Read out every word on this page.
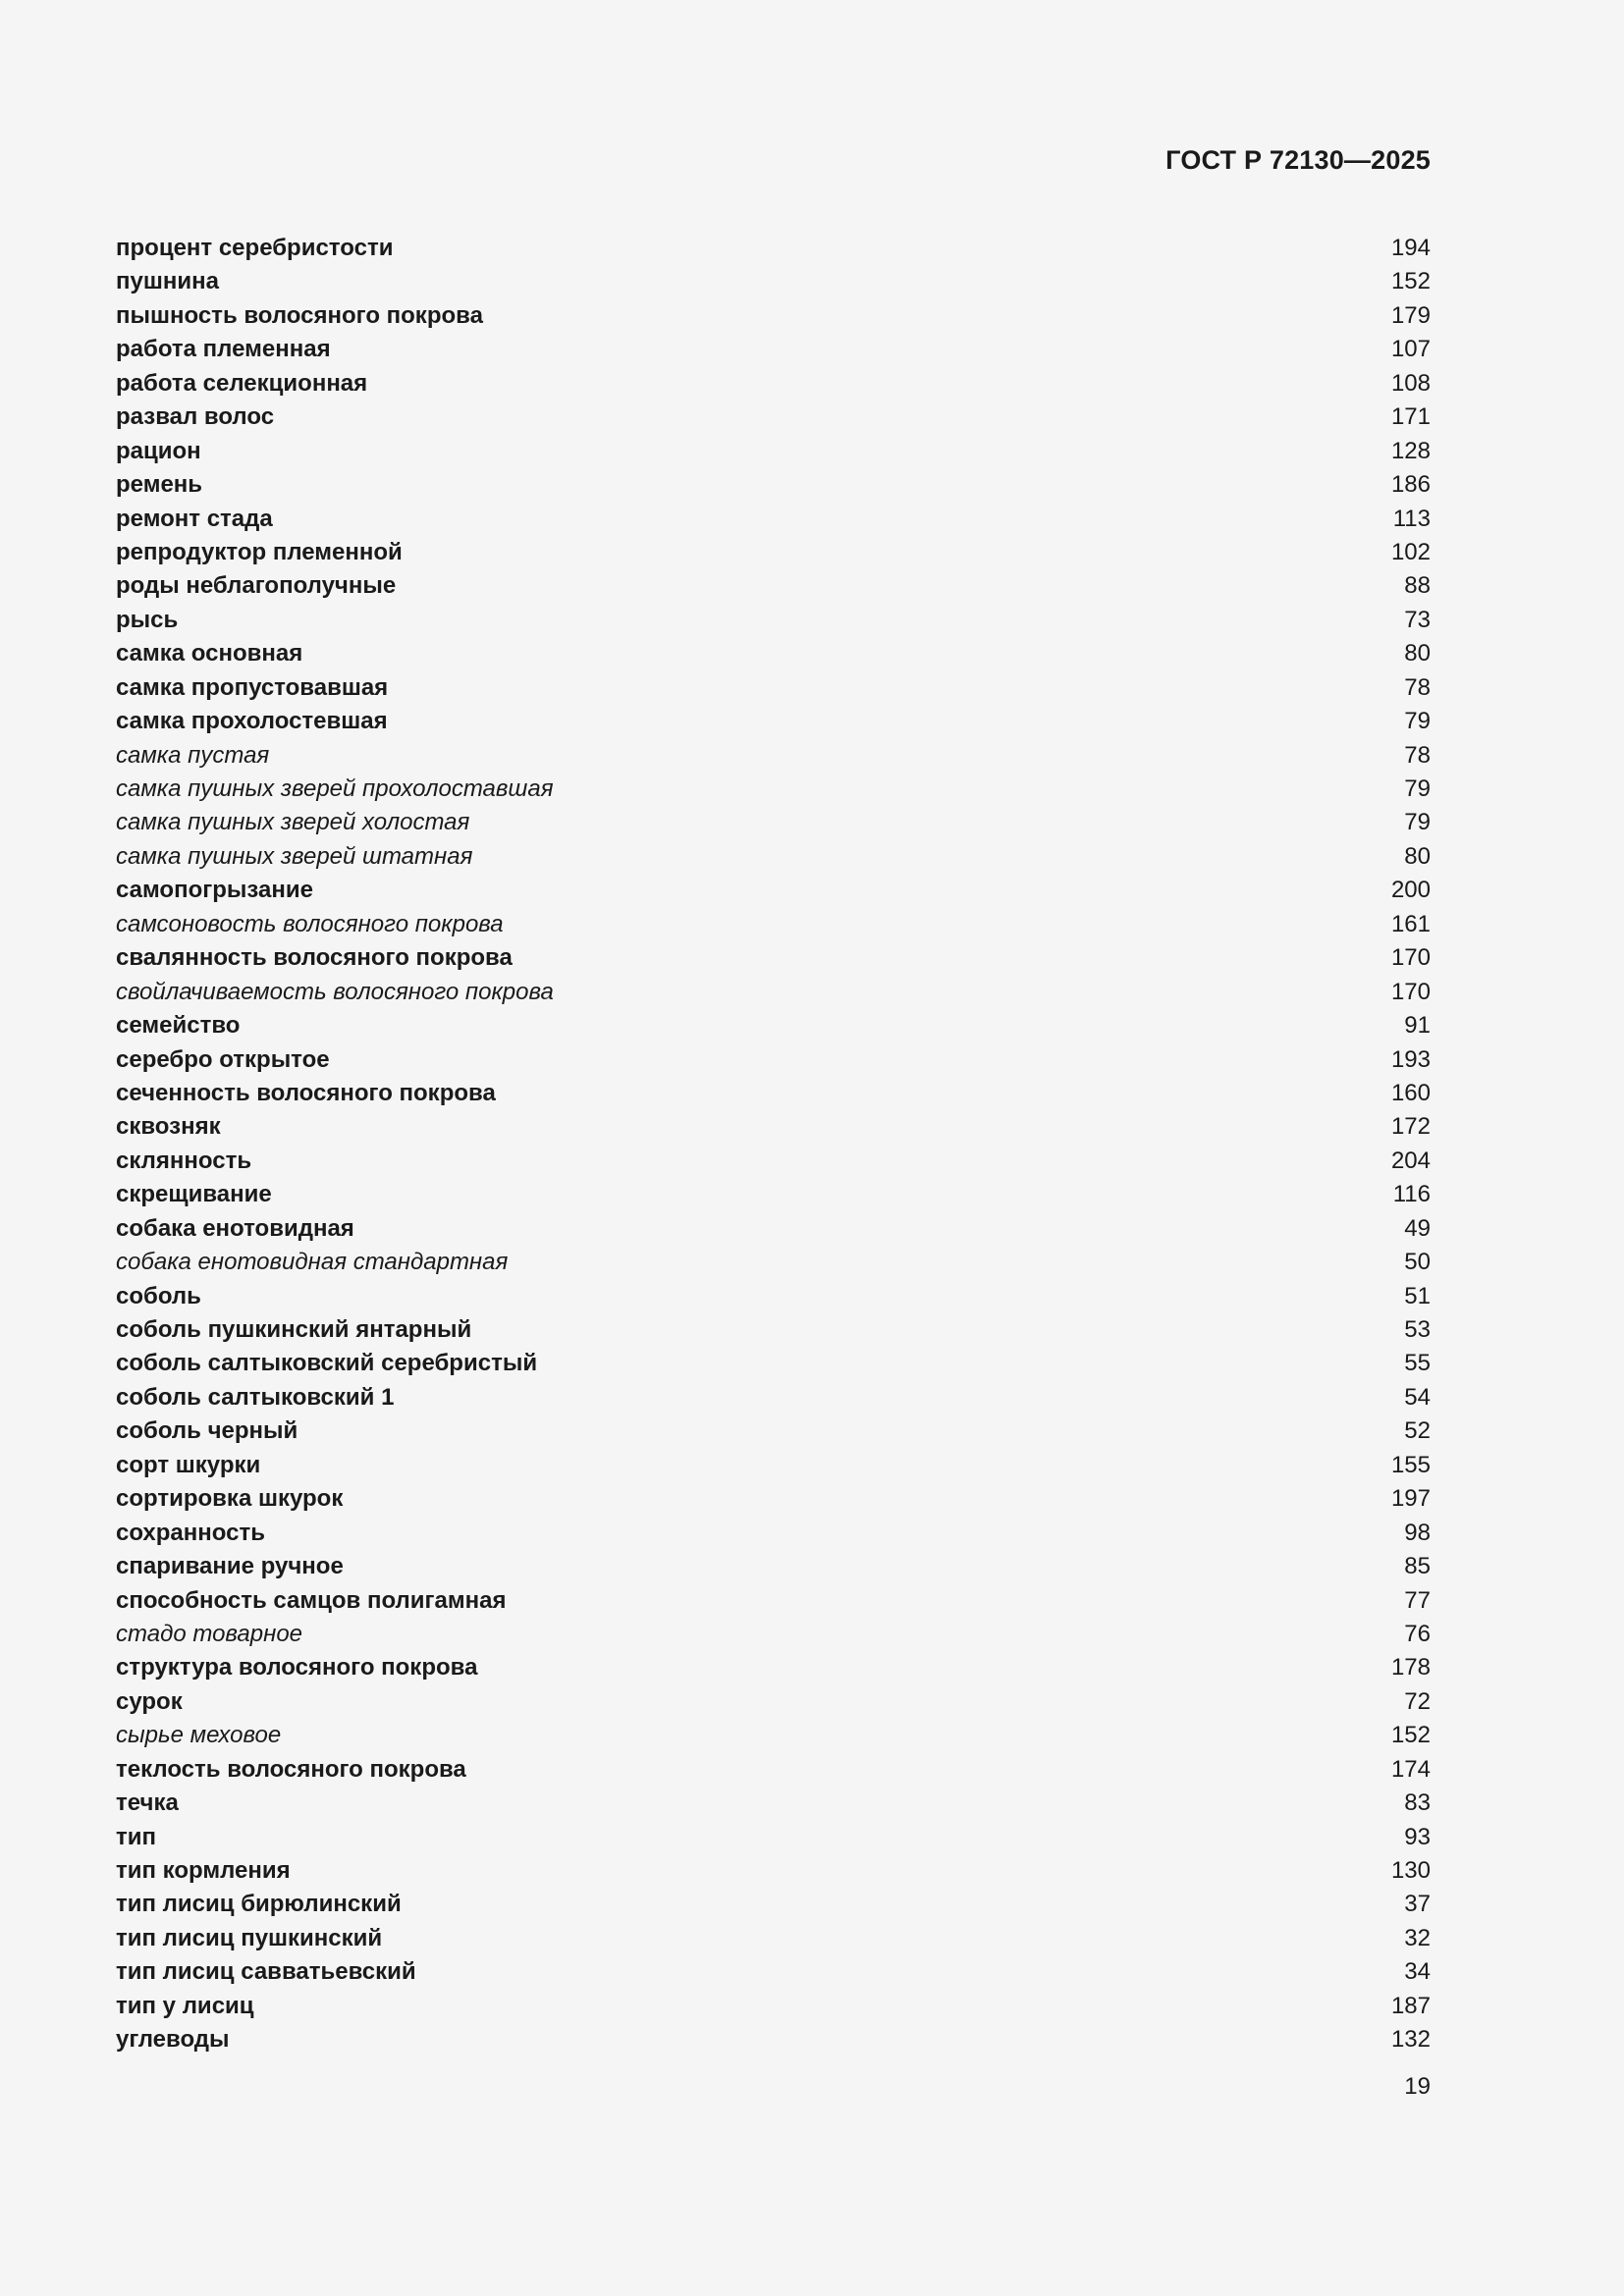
ГОСТ Р 72130—2025
процент серебристости	194
пушнина	152
пышность волосяного покрова	179
работа племенная	107
работа селекционная	108
развал волос	171
рацион	128
ремень	186
ремонт стада	113
репродуктор племенной	102
роды неблагополучные	88
рысь	73
самка основная	80
самка пропустовавшая	78
самка прохолостевшая	79
самка пустая	78
самка пушных зверей прохолоставшая	79
самка пушных зверей холостая	79
самка пушных зверей штатная	80
самопогрызание	200
самсоновость волосяного покрова	161
свалянность волосяного покрова	170
свойлачиваемость волосяного покрова	170
семейство	91
серебро открытое	193
сеченность волосяного покрова	160
сквозняк	172
склянность	204
скрещивание	116
собака енотовидная	49
собака енотовидная стандартная	50
соболь	51
соболь пушкинский янтарный	53
соболь салтыковский серебристый	55
соболь салтыковский 1	54
соболь черный	52
сорт шкурки	155
сортировка шкурок	197
сохранность	98
спаривание ручное	85
способность самцов полигамная	77
стадо товарное	76
структура волосяного покрова	178
сурок	72
сырье меховое	152
теклость волосяного покрова	174
течка	83
тип	93
тип кормления	130
тип лисиц бирюлинский	37
тип лисиц пушкинский	32
тип лисиц савватьевский	34
тип у лисиц	187
углеводы	132
19
